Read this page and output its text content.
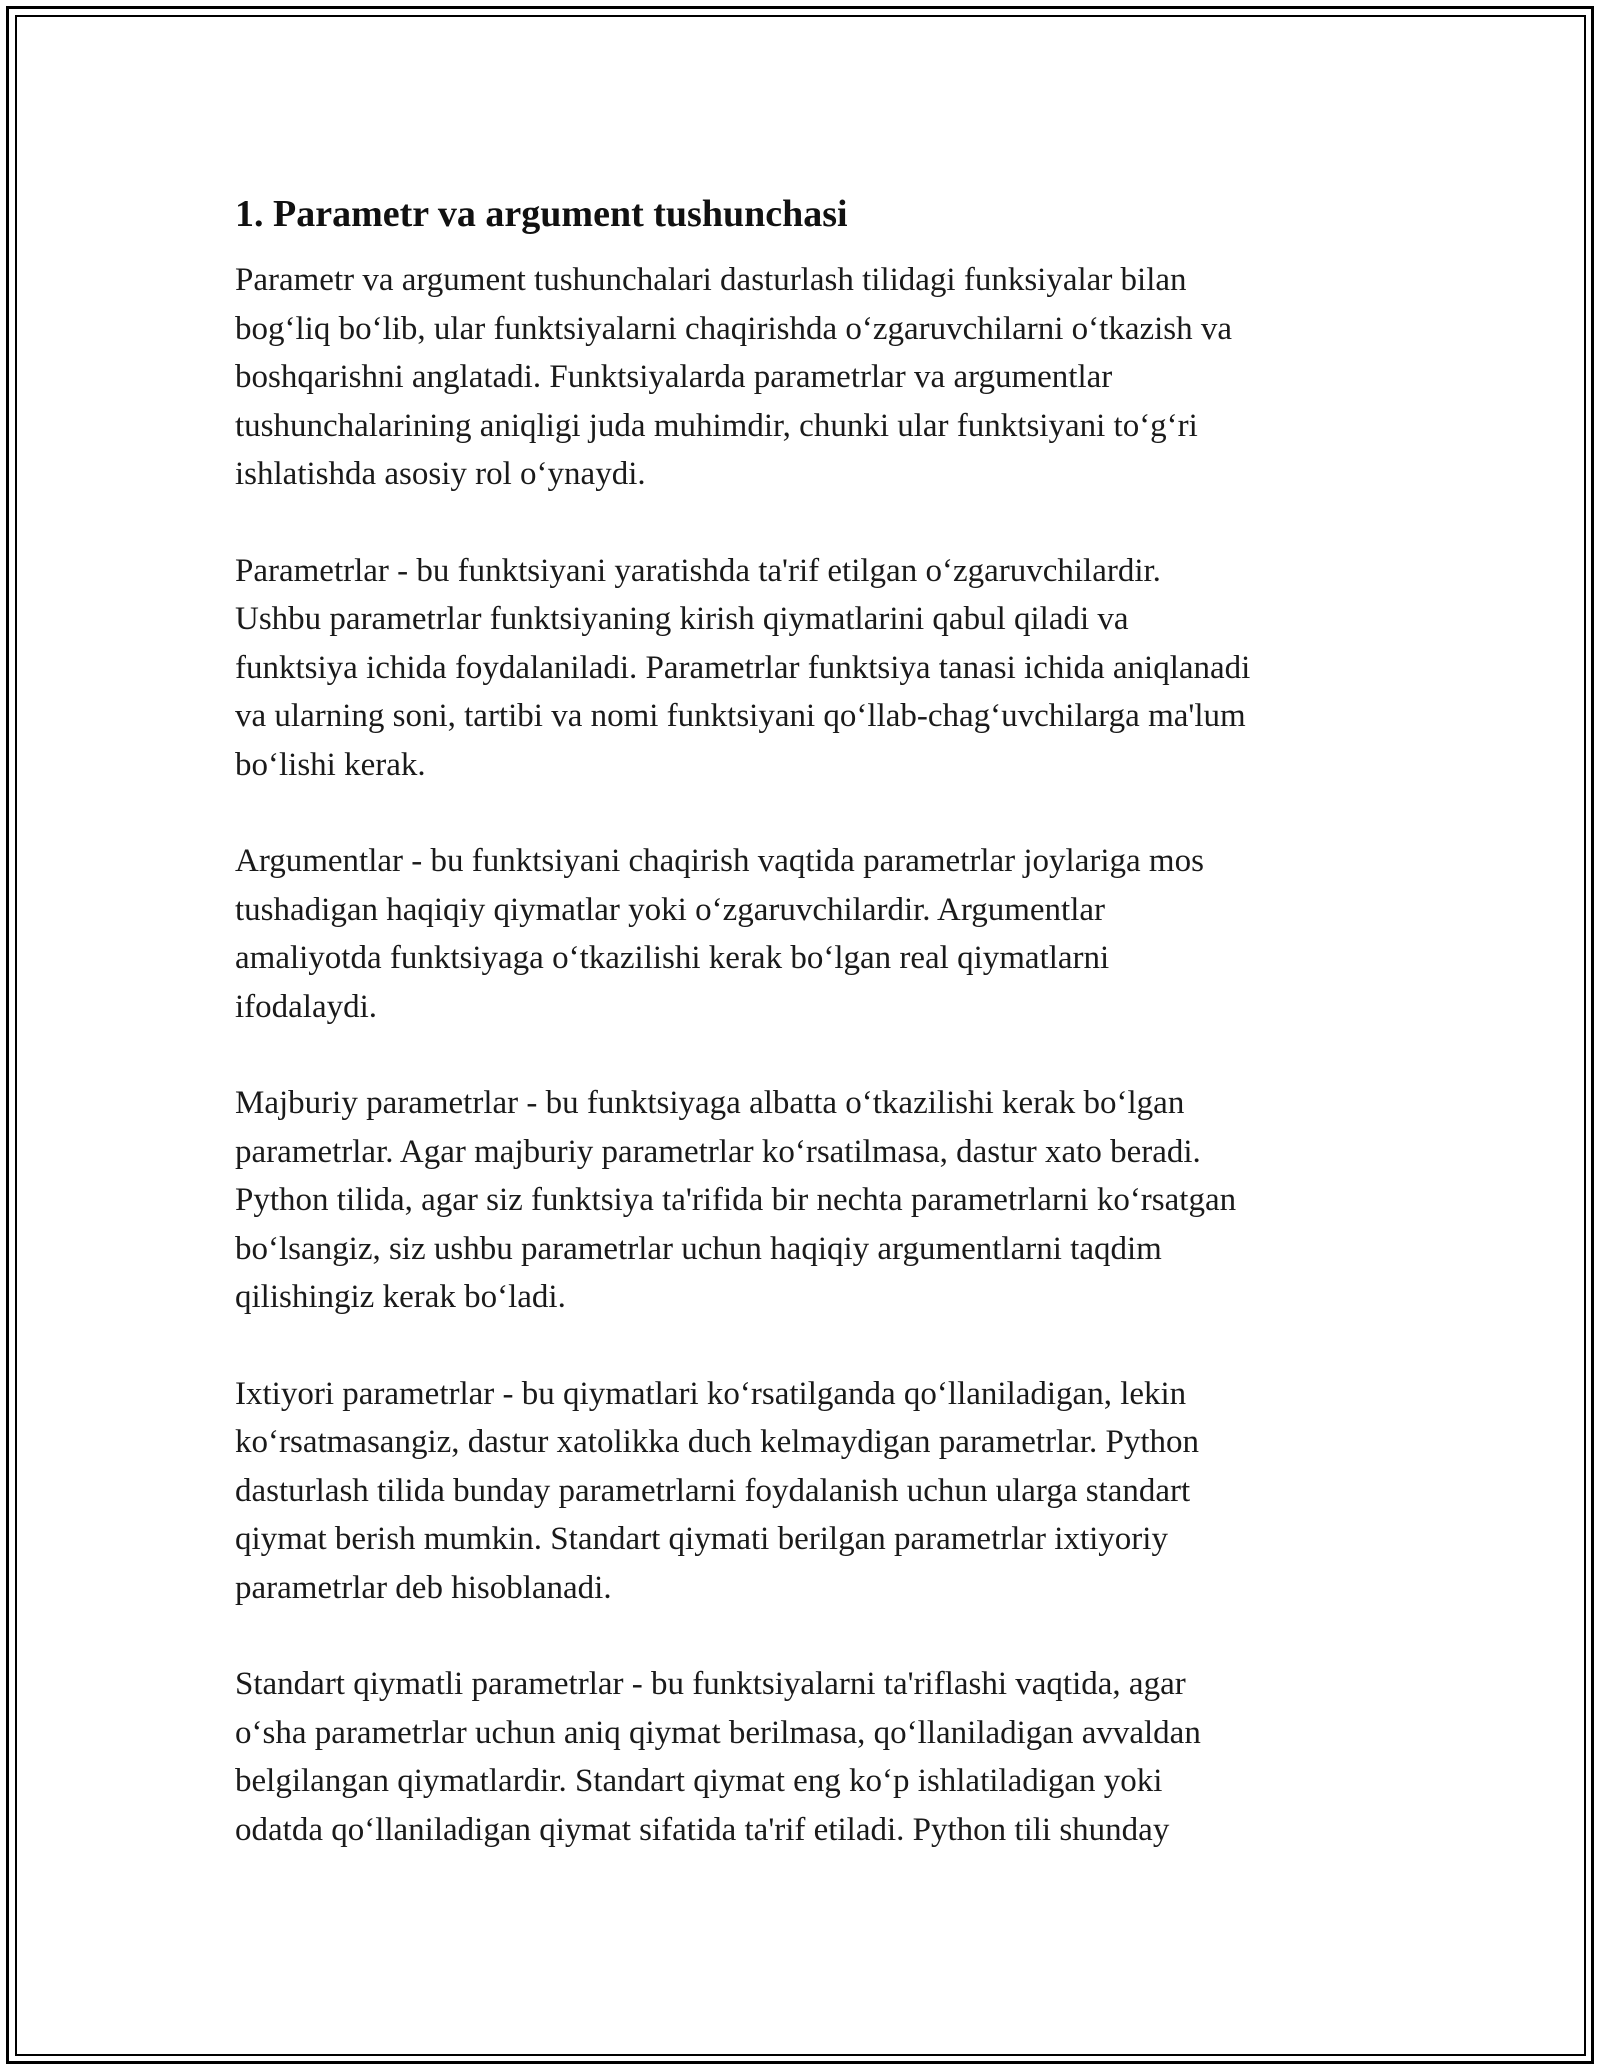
1. Parametr va argument tushunchasi

Parametr va argument tushunchalari dasturlash tilidagi funksiyalar bilan
bog‘liq bo‘lib, ular funktsiyalarni chaqirishda o‘zgaruvchilarni o‘tkazish va
boshqarishni anglatadi. Funktsiyalarda parametrlar va argumentlar
tushunchalarining aniqligi juda muhimdir, chunki ular funktsiyani to‘g‘ri
ishlatishda asosiy rol o‘ynaydi.

Parametrlar - bu funktsiyani yaratishda ta'rif etilgan o‘zgaruvchilardir.
Ushbu parametrlar funktsiyaning kirish qiymatlarini qabul qiladi va
funktsiya ichida foydalaniladi. Parametrlar funktsiya tanasi ichida aniqlanadi
va ularning soni, tartibi va nomi funktsiyani qo‘llab-chag‘uvchilarga ma'lum
bo‘lishi kerak.

Argumentlar - bu funktsiyani chaqirish vaqtida parametrlar joylariga mos
tushadigan haqiqiy qiymatlar yoki o‘zgaruvchilardir. Argumentlar
amaliyotda funktsiyaga o‘tkazilishi kerak bo‘lgan real qiymatlarni
ifodalaydi.

Majburiy parametrlar - bu funktsiyaga albatta o‘tkazilishi kerak bo‘lgan
parametrlar. Agar majburiy parametrlar ko‘rsatilmasa, dastur xato beradi.
Python tilida, agar siz funktsiya ta'rifida bir nechta parametrlarni ko‘rsatgan
bo‘lsangiz, siz ushbu parametrlar uchun haqiqiy argumentlarni taqdim
qilishingiz kerak bo‘ladi.

Ixtiyori parametrlar - bu qiymatlari ko‘rsatilganda qo‘llaniladigan, lekin
ko‘rsatmasangiz, dastur xatolikka duch kelmaydigan parametrlar. Python
dasturlash tilida bunday parametrlarni foydalanish uchun ularga standart
qiymat berish mumkin. Standart qiymati berilgan parametrlar ixtiyoriy
parametrlar deb hisoblanadi.

Standart qiymatli parametrlar - bu funktsiyalarni ta'riflashi vaqtida, agar
o‘sha parametrlar uchun aniq qiymat berilmasa, qo‘llaniladigan avvaldan
belgilangan qiymatlardir. Standart qiymat eng ko‘p ishlatiladigan yoki
odatda qo‘llaniladigan qiymat sifatida ta'rif etiladi. Python tili shunday
